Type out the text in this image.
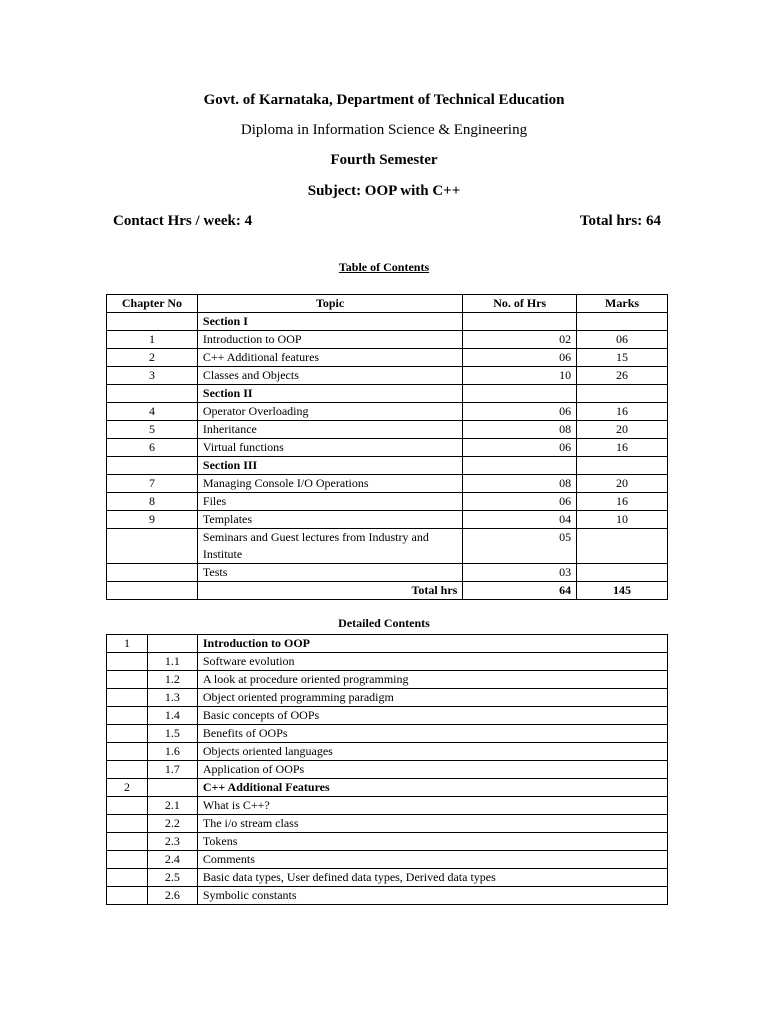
Govt. of Karnataka, Department of Technical Education
Diploma in Information Science & Engineering
Fourth Semester
Subject: OOP with C++
Contact Hrs / week: 4	Total hrs: 64
Table of Contents
Chapter No	Topic	No. of Hrs	Marks
	Section I		
1	Introduction to OOP	02	06
2	C++ Additional features	06	15
3	Classes and Objects	10	26
	Section II		
4	Operator Overloading	06	16
5	Inheritance	08	20
6	Virtual functions	06	16
	Section III		
7	Managing Console I/O Operations	08	20
8	Files	06	16
9	Templates	04	10
	Seminars and Guest lectures from Industry and Institute	05	
	Tests	03	
	Total hrs	64	145
Detailed Contents
1		Introduction to OOP
	1.1	Software evolution
	1.2	A look at procedure oriented programming
	1.3	Object oriented programming paradigm
	1.4	Basic concepts of OOPs
	1.5	Benefits of OOPs
	1.6	Objects oriented languages
	1.7	Application of OOPs
2		C++ Additional Features
	2.1	What is C++?
	2.2	The i/o stream class
	2.3	Tokens
	2.4	Comments
	2.5	Basic data types, User defined data types, Derived data types
	2.6	Symbolic constants
